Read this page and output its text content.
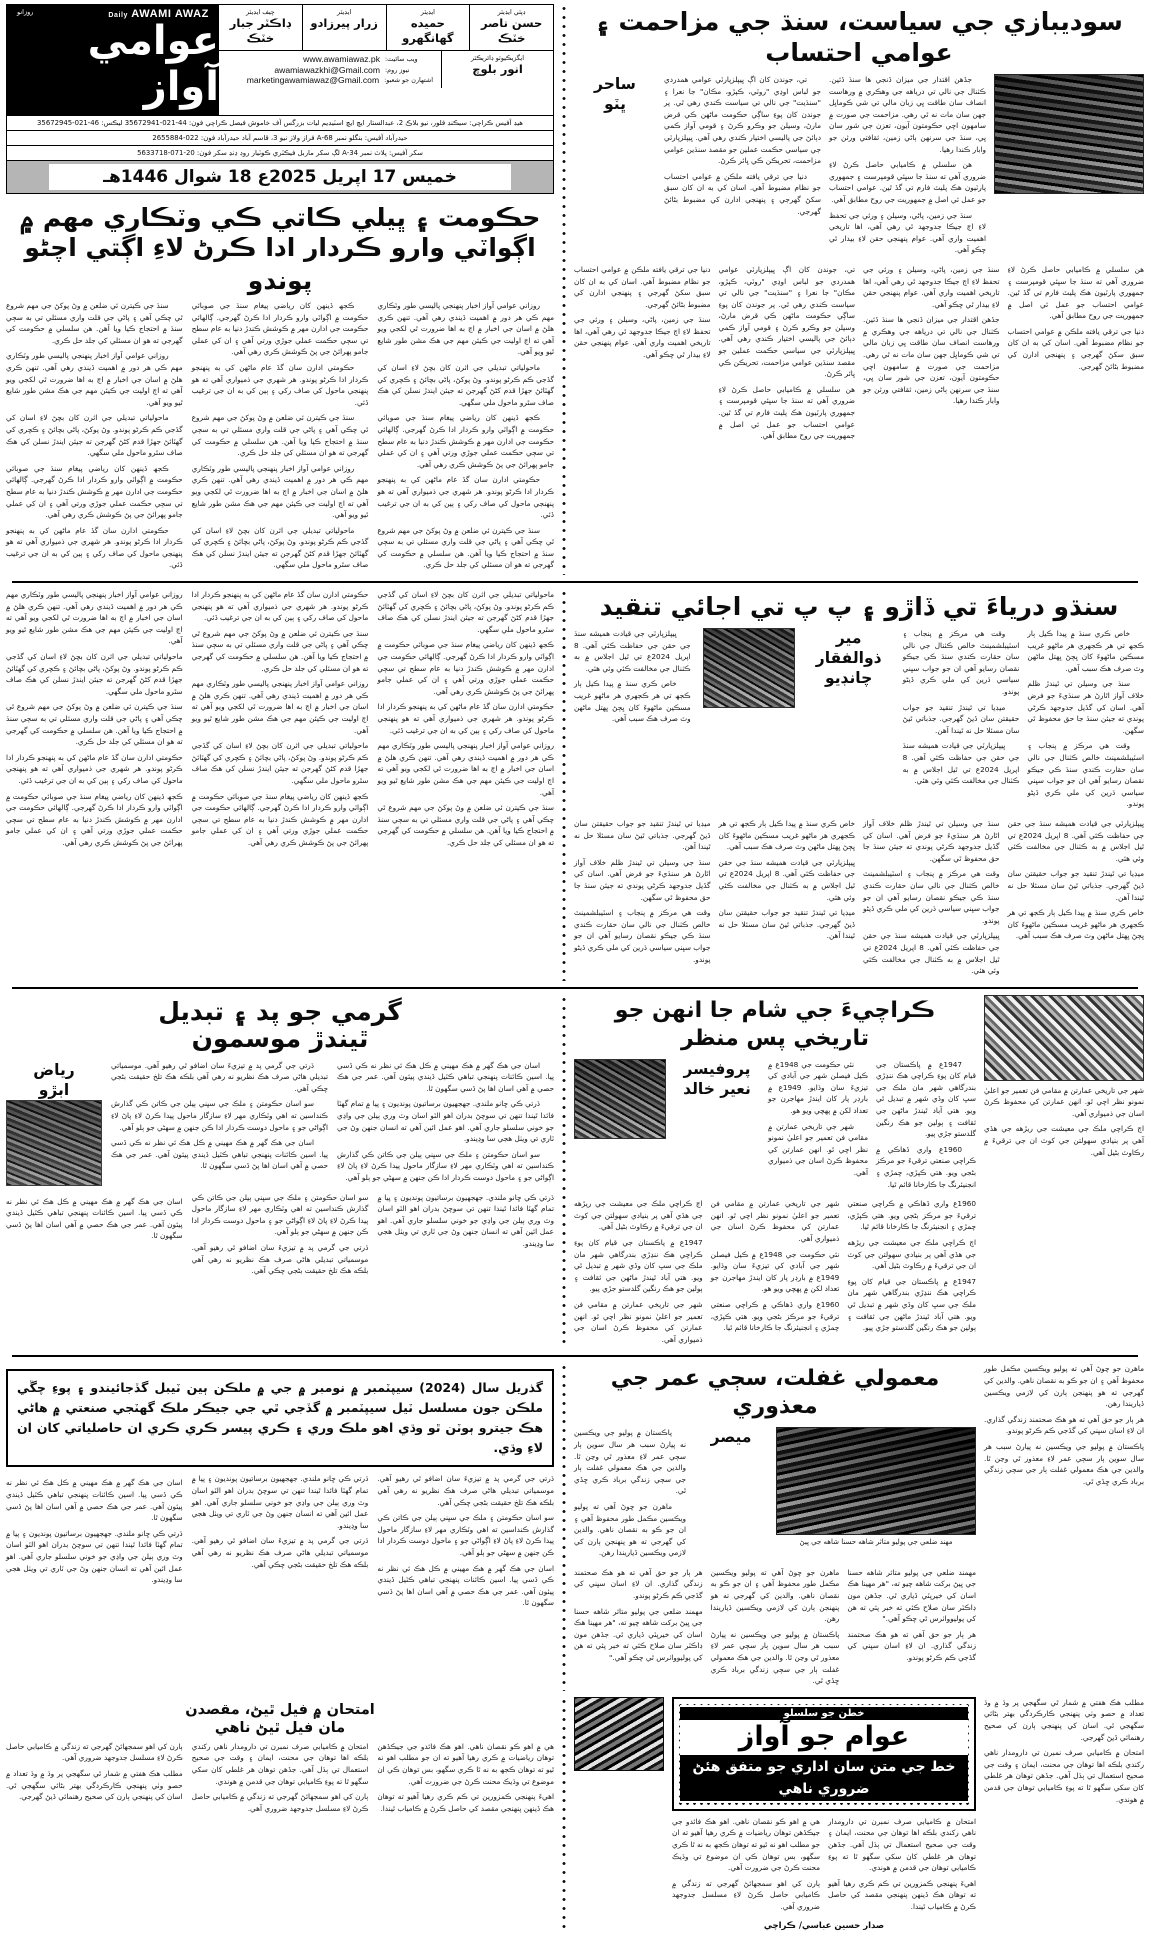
سوديبازي جي سياست، سنڌ جي مزاحمت ۽ عوامي احتساب

جڏهن اقتدار جي ميزان ڏنجي ها سنڌ ڏئين. ڪٺنال جي نالي تي درياهه جي وهڪري ۾ ورهاست انصاف سان طاقت ڀي زبان مالي تي شي ڪوماڀل جھن سان مات نه ٿي رهي. مزاحمت جي صورت ۾ سامھون اچي حڪومتون آيون، تعزن جي شور سان ڀي، سنڌ جي سرنهن ٻاڻي زمين، ثقافتي ورثن جو وابار ڪندا رهيا.

هن سلسلي ۾ ڪاميابي حاصل ڪرڻ لاءِ ضروري آهي ته سنڌ جا سڀئي قومپرست ۽ جمهوري پارٽيون هڪ پليٽ فارم تي گڏ ٿين. عوامي احتساب جو عمل ئي اصل ۾ جمهوريت جي روح مطابق آهي.

سنڌ جي زمين، پاڻي، وسيلن ۽ ورثي جي تحفظ لاءِ اڄ جيڪا جدوجهد ٿي رهي آهي، اها تاريخي اهميت واري آهي. عوام پنهنجي حقن لاءِ بيدار ٿي چڪو آهي.

تي، جوندن کان اڳ ڀيپلزپارٽي عوامي همدردي جو لباس اوڍي "روٽي، ڪپڙو، مڪان" جا نعرا ۽ "سنڌيت" جي نالي تي سياست ڪندي رهي ٿي. پر جوندن کان پوءِ ساڳي حڪومت ماڻهن ڪي قرض مارڻ، وسيلن جو وڪرو ڪرڻ ۽ قومي آواز ڪمي دٻائڻ جي پاليسي اختيار ڪندي رهي آهي. ڀيپلزپارٽي جي سياسي حڪمت عملين جو مقصد سنڌين عوامي مزاحمت، تحريڪن ڪي ڀائر ڪرڻ.

دنيا جي ترقي يافته ملڪن ۾ عوامي احتساب جو نظام مضبوط آهي. اسان کي به ان کان سبق سکڻ گھرجي ۽ پنهنجي ادارن کي مضبوط بڻائڻ گھرجي.

ساحر
ڀٽو

هن سلسلي ۾ ڪاميابي حاصل ڪرڻ لاءِ ضروري آهي ته سنڌ جا سڀئي قومپرست ۽ جمهوري پارٽيون هڪ پليٽ فارم تي گڏ ٿين. عوامي احتساب جو عمل ئي اصل ۾ جمهوريت جي روح مطابق آهي.

دنيا جي ترقي يافته ملڪن ۾ عوامي احتساب جو نظام مضبوط آهي. اسان کي به ان کان سبق سکڻ گھرجي ۽ پنهنجي ادارن کي مضبوط بڻائڻ گھرجي.

سنڌ جي زمين، پاڻي، وسيلن ۽ ورثي جي تحفظ لاءِ اڄ جيڪا جدوجهد ٿي رهي آهي، اها تاريخي اهميت واري آهي. عوام پنهنجي حقن لاءِ بيدار ٿي چڪو آهي.

جڏهن اقتدار جي ميزان ڏنجي ها سنڌ ڏئين. ڪٺنال جي نالي تي درياهه جي وهڪري ۾ ورهاست انصاف سان طاقت ڀي زبان مالي تي شي ڪوماڀل جھن سان مات نه ٿي رهي. مزاحمت جي صورت ۾ سامھون اچي حڪومتون آيون، تعزن جي شور سان ڀي، سنڌ جي سرنهن ٻاڻي زمين، ثقافتي ورثن جو وابار ڪندا رهيا.

تي، جوندن کان اڳ ڀيپلزپارٽي عوامي همدردي جو لباس اوڍي "روٽي، ڪپڙو، مڪان" جا نعرا ۽ "سنڌيت" جي نالي تي سياست ڪندي رهي ٿي. پر جوندن کان پوءِ ساڳي حڪومت ماڻهن ڪي قرض مارڻ، وسيلن جو وڪرو ڪرڻ ۽ قومي آواز ڪمي دٻائڻ جي پاليسي اختيار ڪندي رهي آهي. ڀيپلزپارٽي جي سياسي حڪمت عملين جو مقصد سنڌين عوامي مزاحمت، تحريڪن ڪي ڀائر ڪرڻ.

هن سلسلي ۾ ڪاميابي حاصل ڪرڻ لاءِ ضروري آهي ته سنڌ جا سڀئي قومپرست ۽ جمهوري پارٽيون هڪ پليٽ فارم تي گڏ ٿين. عوامي احتساب جو عمل ئي اصل ۾ جمهوريت جي روح مطابق آهي.

دنيا جي ترقي يافته ملڪن ۾ عوامي احتساب جو نظام مضبوط آهي. اسان کي به ان کان سبق سکڻ گھرجي ۽ پنهنجي ادارن کي مضبوط بڻائڻ گھرجي.

سنڌ جي زمين، پاڻي، وسيلن ۽ ورثي جي تحفظ لاءِ اڄ جيڪا جدوجهد ٿي رهي آهي، اها تاريخي اهميت واري آهي. عوام پنهنجي حقن لاءِ بيدار ٿي چڪو آهي.

ڊپٽي ايڊيٽر
حسن ناصر خٽڪ
ايڊيٽر
حميده گھانگھرو
ايڊيٽر
زرار پيرزادو
چيف ايڊيٽر
ڊاڪٽر جبار خٽڪ
ايگزيڪيوٽو ڊائريڪٽر
انور بلوچ
ويب سائيٽ:
www.awamiawaz.pk
نيوز روم:
awamiawazkhi@Gmail.com
اشتهارن جو شعبو:
marketingawamiawaz@Gmail.com
Daily AWAMI AWAZ
روزانو
عوامي آواز
هيڊ آفيس ڪراچي: سيڪنڊ فلور، نيو بلاڪ 2، عبدالستار ايڇ ايڇ اسٽيڊيم ليات بزرگس آف خاموش فيصل ڪراچي فون: 44-021-35672941 ليڪس: 46-021-35672945
حيدرآباد آفيس: بنگلو نمبر 68-A فراز ولاز نيو 3، قاسم آباد حيدرآباد فون: 022-2655884
سکر آفيس: پلاٽ نمبر 34-A لڳ سکر ماربل فيڪٽري ڪوٽيار روڊ ڍنڍ سکر فون: 20-071-5633718
خميس 17 اپريل 2025ع 18 شوال 1446هـ
حڪومت ۽ ڀيلي ڪاتي ڪي وٽڪاري مهم ۾
اڳواٽي وارو ڪردار ادا ڪرڻ لاءِ اڳتي اچڻو پوندو

روزاني عوامي آواز اخبار پنهنجي پاليسي طور وٽڪاري مهم ڪي هر دور ۾ اهميت ڏيندي رهي آهي. تنهن ڪري هلڻ ۾ اسان جي اخبار ۾ اڄ به اها ضرورت ٿي لکجي ويو آهي ته اڄ اوليت جي ڪيئن مهم جي هڪ مشن طور شايع ٿيو ويو آهي.

ماحولياتي تبديلي جي اثرن کان بچڻ لاءِ اسان کي گڏجي ڪم ڪرڻو پوندو. وڻ پوکڻ، پاڻي بچائڻ ۽ ڪچري کي گھٽائڻ جھڙا قدم کڻڻ گھرجن ته جيئن ايندڙ نسلن کي هڪ صاف سٿرو ماحول ملي سگھي.

ڪجھ ڏينهن کان رياضي پيغام سنڌ جي صوبائي حڪومت ۾ اڳواٽي وارو ڪردار ادا ڪرڻ گھرجي. ڳالھائي حڪومت جي ادارن مهر ۾ ڪوشش ڪندڙ دنيا به عام سطح تي سڄي حڪمت عملي جوڙي ورتي آهي ۽ ان کي عملي جامو پهرائڻ جي پڻ ڪوشش ڪري رهي آهي.

حڪومتي ادارن سان گڏ عام ماڻهن کي به پنهنجو ڪردار ادا ڪرڻو پوندو. هر شهري جي ذميواري آهي ته هو پنهنجي ماحول کي صاف رکي ۽ ٻين کي به ان جي ترغيب ڏئي.

سنڌ جي ڪيترن ئي ضلعن ۾ وڻ پوکڻ جي مهم شروع ٿي چڪي آهي ۽ پاڻي جي قلت واري مسئلي تي به سڄي سنڌ ۾ احتجاج ڪيا ويا آهن. هن سلسلي ۾ حڪومت کي گھرجي ته هو ان مسئلي کي جلد حل ڪري.

ڪجھ ڏينهن کان رياضي پيغام سنڌ جي صوبائي حڪومت ۾ اڳواٽي وارو ڪردار ادا ڪرڻ گھرجي. ڳالھائي حڪومت جي ادارن مهر ۾ ڪوشش ڪندڙ دنيا به عام سطح تي سڄي حڪمت عملي جوڙي ورتي آهي ۽ ان کي عملي جامو پهرائڻ جي پڻ ڪوشش ڪري رهي آهي.

حڪومتي ادارن سان گڏ عام ماڻهن کي به پنهنجو ڪردار ادا ڪرڻو پوندو. هر شهري جي ذميواري آهي ته هو پنهنجي ماحول کي صاف رکي ۽ ٻين کي به ان جي ترغيب ڏئي.

سنڌ جي ڪيترن ئي ضلعن ۾ وڻ پوکڻ جي مهم شروع ٿي چڪي آهي ۽ پاڻي جي قلت واري مسئلي تي به سڄي سنڌ ۾ احتجاج ڪيا ويا آهن. هن سلسلي ۾ حڪومت کي گھرجي ته هو ان مسئلي کي جلد حل ڪري.

روزاني عوامي آواز اخبار پنهنجي پاليسي طور وٽڪاري مهم ڪي هر دور ۾ اهميت ڏيندي رهي آهي. تنهن ڪري هلڻ ۾ اسان جي اخبار ۾ اڄ به اها ضرورت ٿي لکجي ويو آهي ته اڄ اوليت جي ڪيئن مهم جي هڪ مشن طور شايع ٿيو ويو آهي.

ماحولياتي تبديلي جي اثرن کان بچڻ لاءِ اسان کي گڏجي ڪم ڪرڻو پوندو. وڻ پوکڻ، پاڻي بچائڻ ۽ ڪچري کي گھٽائڻ جھڙا قدم کڻڻ گھرجن ته جيئن ايندڙ نسلن کي هڪ صاف سٿرو ماحول ملي سگھي.

سنڌ جي ڪيترن ئي ضلعن ۾ وڻ پوکڻ جي مهم شروع ٿي چڪي آهي ۽ پاڻي جي قلت واري مسئلي تي به سڄي سنڌ ۾ احتجاج ڪيا ويا آهن. هن سلسلي ۾ حڪومت کي گھرجي ته هو ان مسئلي کي جلد حل ڪري.

روزاني عوامي آواز اخبار پنهنجي پاليسي طور وٽڪاري مهم ڪي هر دور ۾ اهميت ڏيندي رهي آهي. تنهن ڪري هلڻ ۾ اسان جي اخبار ۾ اڄ به اها ضرورت ٿي لکجي ويو آهي ته اڄ اوليت جي ڪيئن مهم جي هڪ مشن طور شايع ٿيو ويو آهي.

ماحولياتي تبديلي جي اثرن کان بچڻ لاءِ اسان کي گڏجي ڪم ڪرڻو پوندو. وڻ پوکڻ، پاڻي بچائڻ ۽ ڪچري کي گھٽائڻ جھڙا قدم کڻڻ گھرجن ته جيئن ايندڙ نسلن کي هڪ صاف سٿرو ماحول ملي سگھي.

ڪجھ ڏينهن کان رياضي پيغام سنڌ جي صوبائي حڪومت ۾ اڳواٽي وارو ڪردار ادا ڪرڻ گھرجي. ڳالھائي حڪومت جي ادارن مهر ۾ ڪوشش ڪندڙ دنيا به عام سطح تي سڄي حڪمت عملي جوڙي ورتي آهي ۽ ان کي عملي جامو پهرائڻ جي پڻ ڪوشش ڪري رهي آهي.

حڪومتي ادارن سان گڏ عام ماڻهن کي به پنهنجو ڪردار ادا ڪرڻو پوندو. هر شهري جي ذميواري آهي ته هو پنهنجي ماحول کي صاف رکي ۽ ٻين کي به ان جي ترغيب ڏئي.

سنڌو درياءَ تي ڏاڙو ۽ پ پ تي اجائي تنقيد

خاص ڪري سنڌ ۾ پيدا ڪيل ٻار ڪجھ تي هر ڪجھري هر ماڻهو غريب مسڪين ماڻهوءَ کان ڀڄڻ ڀهتل ماڻهن وٽ صرف هڪ سبب آهي.

سنڌ جي وسيلن تي ٿيندڙ ظلم خلاف آواز اٿارڻ هر سنڌيءَ جو فرض آهي. اسان کي گڏيل جدوجهد ڪرڻي پوندي ته جيئن سنڌ جا حق محفوظ ٿي سگھن.

وقت هي مرڪز ۾ پنجاب ۽ اسٽيبلشمينٽ خالص ڪٺنال جي نالي سان حقارت ڪندي سنڌ ڪي جيڪو نقصان رسايو آهي ان جو جواب سڀني سياسي ڌرين کي ملي ڪري ڏيڻو پوندو.

وقت هي مرڪز ۾ پنجاب ۽ اسٽيبلشمينٽ خالص ڪٺنال جي نالي سان حقارت ڪندي سنڌ ڪي جيڪو نقصان رسايو آهي ان جو جواب سڀني سياسي ڌرين کي ملي ڪري ڏيڻو پوندو.

ميڊيا تي ٿيندڙ تنقيد جو جواب حقيقتن سان ڏيڻ گھرجي. جذباتي ٿيڻ سان مسئلا حل نه ٿيندا آهن.

ڀيپلزپارٽي جي قيادت هميشه سنڌ جي حقن جي حفاظت ڪئي آهي. 8 اپريل 2024ع تي ٿيل اجلاس ۾ به ڪٺنال جي مخالفت ڪئي وئي هئي.

مير ذوالفقار
چانڊيو

ڀيپلزپارٽي جي قيادت هميشه سنڌ جي حقن جي حفاظت ڪئي آهي. 8 اپريل 2024ع تي ٿيل اجلاس ۾ به ڪٺنال جي مخالفت ڪئي وئي هئي.

خاص ڪري سنڌ ۾ پيدا ڪيل ٻار ڪجھ تي هر ڪجھري هر ماڻهو غريب مسڪين ماڻهوءَ کان ڀڄڻ ڀهتل ماڻهن وٽ صرف هڪ سبب آهي.

ڀيپلزپارٽي جي قيادت هميشه سنڌ جي حقن جي حفاظت ڪئي آهي. 8 اپريل 2024ع تي ٿيل اجلاس ۾ به ڪٺنال جي مخالفت ڪئي وئي هئي.

ميڊيا تي ٿيندڙ تنقيد جو جواب حقيقتن سان ڏيڻ گھرجي. جذباتي ٿيڻ سان مسئلا حل نه ٿيندا آهن.

خاص ڪري سنڌ ۾ پيدا ڪيل ٻار ڪجھ تي هر ڪجھري هر ماڻهو غريب مسڪين ماڻهوءَ کان ڀڄڻ ڀهتل ماڻهن وٽ صرف هڪ سبب آهي.

سنڌ جي وسيلن تي ٿيندڙ ظلم خلاف آواز اٿارڻ هر سنڌيءَ جو فرض آهي. اسان کي گڏيل جدوجهد ڪرڻي پوندي ته جيئن سنڌ جا حق محفوظ ٿي سگھن.

وقت هي مرڪز ۾ پنجاب ۽ اسٽيبلشمينٽ خالص ڪٺنال جي نالي سان حقارت ڪندي سنڌ ڪي جيڪو نقصان رسايو آهي ان جو جواب سڀني سياسي ڌرين کي ملي ڪري ڏيڻو پوندو.

ڀيپلزپارٽي جي قيادت هميشه سنڌ جي حقن جي حفاظت ڪئي آهي. 8 اپريل 2024ع تي ٿيل اجلاس ۾ به ڪٺنال جي مخالفت ڪئي وئي هئي.

خاص ڪري سنڌ ۾ پيدا ڪيل ٻار ڪجھ تي هر ڪجھري هر ماڻهو غريب مسڪين ماڻهوءَ کان ڀڄڻ ڀهتل ماڻهن وٽ صرف هڪ سبب آهي.

ڀيپلزپارٽي جي قيادت هميشه سنڌ جي حقن جي حفاظت ڪئي آهي. 8 اپريل 2024ع تي ٿيل اجلاس ۾ به ڪٺنال جي مخالفت ڪئي وئي هئي.

ميڊيا تي ٿيندڙ تنقيد جو جواب حقيقتن سان ڏيڻ گھرجي. جذباتي ٿيڻ سان مسئلا حل نه ٿيندا آهن.

ميڊيا تي ٿيندڙ تنقيد جو جواب حقيقتن سان ڏيڻ گھرجي. جذباتي ٿيڻ سان مسئلا حل نه ٿيندا آهن.

سنڌ جي وسيلن تي ٿيندڙ ظلم خلاف آواز اٿارڻ هر سنڌيءَ جو فرض آهي. اسان کي گڏيل جدوجهد ڪرڻي پوندي ته جيئن سنڌ جا حق محفوظ ٿي سگھن.

وقت هي مرڪز ۾ پنجاب ۽ اسٽيبلشمينٽ خالص ڪٺنال جي نالي سان حقارت ڪندي سنڌ ڪي جيڪو نقصان رسايو آهي ان جو جواب سڀني سياسي ڌرين کي ملي ڪري ڏيڻو پوندو.

ماحولياتي تبديلي جي اثرن کان بچڻ لاءِ اسان کي گڏجي ڪم ڪرڻو پوندو. وڻ پوکڻ، پاڻي بچائڻ ۽ ڪچري کي گھٽائڻ جھڙا قدم کڻڻ گھرجن ته جيئن ايندڙ نسلن کي هڪ صاف سٿرو ماحول ملي سگھي.

ڪجھ ڏينهن کان رياضي پيغام سنڌ جي صوبائي حڪومت ۾ اڳواٽي وارو ڪردار ادا ڪرڻ گھرجي. ڳالھائي حڪومت جي ادارن مهر ۾ ڪوشش ڪندڙ دنيا به عام سطح تي سڄي حڪمت عملي جوڙي ورتي آهي ۽ ان کي عملي جامو پهرائڻ جي پڻ ڪوشش ڪري رهي آهي.

حڪومتي ادارن سان گڏ عام ماڻهن کي به پنهنجو ڪردار ادا ڪرڻو پوندو. هر شهري جي ذميواري آهي ته هو پنهنجي ماحول کي صاف رکي ۽ ٻين کي به ان جي ترغيب ڏئي.

روزاني عوامي آواز اخبار پنهنجي پاليسي طور وٽڪاري مهم ڪي هر دور ۾ اهميت ڏيندي رهي آهي. تنهن ڪري هلڻ ۾ اسان جي اخبار ۾ اڄ به اها ضرورت ٿي لکجي ويو آهي ته اڄ اوليت جي ڪيئن مهم جي هڪ مشن طور شايع ٿيو ويو آهي.

سنڌ جي ڪيترن ئي ضلعن ۾ وڻ پوکڻ جي مهم شروع ٿي چڪي آهي ۽ پاڻي جي قلت واري مسئلي تي به سڄي سنڌ ۾ احتجاج ڪيا ويا آهن. هن سلسلي ۾ حڪومت کي گھرجي ته هو ان مسئلي کي جلد حل ڪري.

حڪومتي ادارن سان گڏ عام ماڻهن کي به پنهنجو ڪردار ادا ڪرڻو پوندو. هر شهري جي ذميواري آهي ته هو پنهنجي ماحول کي صاف رکي ۽ ٻين کي به ان جي ترغيب ڏئي.

سنڌ جي ڪيترن ئي ضلعن ۾ وڻ پوکڻ جي مهم شروع ٿي چڪي آهي ۽ پاڻي جي قلت واري مسئلي تي به سڄي سنڌ ۾ احتجاج ڪيا ويا آهن. هن سلسلي ۾ حڪومت کي گھرجي ته هو ان مسئلي کي جلد حل ڪري.

روزاني عوامي آواز اخبار پنهنجي پاليسي طور وٽڪاري مهم ڪي هر دور ۾ اهميت ڏيندي رهي آهي. تنهن ڪري هلڻ ۾ اسان جي اخبار ۾ اڄ به اها ضرورت ٿي لکجي ويو آهي ته اڄ اوليت جي ڪيئن مهم جي هڪ مشن طور شايع ٿيو ويو آهي.

ماحولياتي تبديلي جي اثرن کان بچڻ لاءِ اسان کي گڏجي ڪم ڪرڻو پوندو. وڻ پوکڻ، پاڻي بچائڻ ۽ ڪچري کي گھٽائڻ جھڙا قدم کڻڻ گھرجن ته جيئن ايندڙ نسلن کي هڪ صاف سٿرو ماحول ملي سگھي.

ڪجھ ڏينهن کان رياضي پيغام سنڌ جي صوبائي حڪومت ۾ اڳواٽي وارو ڪردار ادا ڪرڻ گھرجي. ڳالھائي حڪومت جي ادارن مهر ۾ ڪوشش ڪندڙ دنيا به عام سطح تي سڄي حڪمت عملي جوڙي ورتي آهي ۽ ان کي عملي جامو پهرائڻ جي پڻ ڪوشش ڪري رهي آهي.

روزاني عوامي آواز اخبار پنهنجي پاليسي طور وٽڪاري مهم ڪي هر دور ۾ اهميت ڏيندي رهي آهي. تنهن ڪري هلڻ ۾ اسان جي اخبار ۾ اڄ به اها ضرورت ٿي لکجي ويو آهي ته اڄ اوليت جي ڪيئن مهم جي هڪ مشن طور شايع ٿيو ويو آهي.

ماحولياتي تبديلي جي اثرن کان بچڻ لاءِ اسان کي گڏجي ڪم ڪرڻو پوندو. وڻ پوکڻ، پاڻي بچائڻ ۽ ڪچري کي گھٽائڻ جھڙا قدم کڻڻ گھرجن ته جيئن ايندڙ نسلن کي هڪ صاف سٿرو ماحول ملي سگھي.

سنڌ جي ڪيترن ئي ضلعن ۾ وڻ پوکڻ جي مهم شروع ٿي چڪي آهي ۽ پاڻي جي قلت واري مسئلي تي به سڄي سنڌ ۾ احتجاج ڪيا ويا آهن. هن سلسلي ۾ حڪومت کي گھرجي ته هو ان مسئلي کي جلد حل ڪري.

حڪومتي ادارن سان گڏ عام ماڻهن کي به پنهنجو ڪردار ادا ڪرڻو پوندو. هر شهري جي ذميواري آهي ته هو پنهنجي ماحول کي صاف رکي ۽ ٻين کي به ان جي ترغيب ڏئي.

ڪجھ ڏينهن کان رياضي پيغام سنڌ جي صوبائي حڪومت ۾ اڳواٽي وارو ڪردار ادا ڪرڻ گھرجي. ڳالھائي حڪومت جي ادارن مهر ۾ ڪوشش ڪندڙ دنيا به عام سطح تي سڄي حڪمت عملي جوڙي ورتي آهي ۽ ان کي عملي جامو پهرائڻ جي پڻ ڪوشش ڪري رهي آهي.

شهر جي تاريخي عمارتن ۾ مقامي فن تعمير جو اعليٰ نمونو نظر اچي ٿو. انهن عمارتن کي محفوظ ڪرڻ اسان جي ذميواري آهي.

اڄ ڪراچي ملڪ جي معيشت جي ريڙهه جي هڏي آهي پر بنيادي سهولتن جي کوٽ ان جي ترقيءَ ۾ رڪاوٽ بڻيل آهي.

ڪراچيءَ جي شام جا انهن جو تاريخي پس منظر

1947ع ۾ پاڪستان جي قيام کان پوءِ ڪراچي هڪ ننڍڙي بندرگاهي شهر مان ملڪ جي سڀ کان وڏي شهر ۾ تبديل ٿي ويو. هتي آباد ٿيندڙ ماڻهن جي ثقافت ۽ ٻولين جو هڪ رنگين گلدستو جڙي پيو.

1960ع واري ڏهاڪي ۾ ڪراچي صنعتي ترقيءَ جو مرڪز بڻجي ويو. هتي ڪپڙي، چمڙي ۽ انجنيئرنگ جا ڪارخانا قائم ٿيا.

نئي حڪومت جي 1948ع ۾ ڪيل فيصلن شهر جي آبادي کي تيزيءَ سان وڌايو. 1949ع ۾ بارڊر پار کان ايندڙ مهاجرن جو تعداد لکن ۾ پهچي ويو هو.

شهر جي تاريخي عمارتن ۾ مقامي فن تعمير جو اعليٰ نمونو نظر اچي ٿو. انهن عمارتن کي محفوظ ڪرڻ اسان جي ذميواري آهي.

پروفيسر
نعير خالد

1960ع واري ڏهاڪي ۾ ڪراچي صنعتي ترقيءَ جو مرڪز بڻجي ويو. هتي ڪپڙي، چمڙي ۽ انجنيئرنگ جا ڪارخانا قائم ٿيا.

اڄ ڪراچي ملڪ جي معيشت جي ريڙهه جي هڏي آهي پر بنيادي سهولتن جي کوٽ ان جي ترقيءَ ۾ رڪاوٽ بڻيل آهي.

1947ع ۾ پاڪستان جي قيام کان پوءِ ڪراچي هڪ ننڍڙي بندرگاهي شهر مان ملڪ جي سڀ کان وڏي شهر ۾ تبديل ٿي ويو. هتي آباد ٿيندڙ ماڻهن جي ثقافت ۽ ٻولين جو هڪ رنگين گلدستو جڙي پيو.

شهر جي تاريخي عمارتن ۾ مقامي فن تعمير جو اعليٰ نمونو نظر اچي ٿو. انهن عمارتن کي محفوظ ڪرڻ اسان جي ذميواري آهي.

نئي حڪومت جي 1948ع ۾ ڪيل فيصلن شهر جي آبادي کي تيزيءَ سان وڌايو. 1949ع ۾ بارڊر پار کان ايندڙ مهاجرن جو تعداد لکن ۾ پهچي ويو هو.

1960ع واري ڏهاڪي ۾ ڪراچي صنعتي ترقيءَ جو مرڪز بڻجي ويو. هتي ڪپڙي، چمڙي ۽ انجنيئرنگ جا ڪارخانا قائم ٿيا.

اڄ ڪراچي ملڪ جي معيشت جي ريڙهه جي هڏي آهي پر بنيادي سهولتن جي کوٽ ان جي ترقيءَ ۾ رڪاوٽ بڻيل آهي.

1947ع ۾ پاڪستان جي قيام کان پوءِ ڪراچي هڪ ننڍڙي بندرگاهي شهر مان ملڪ جي سڀ کان وڏي شهر ۾ تبديل ٿي ويو. هتي آباد ٿيندڙ ماڻهن جي ثقافت ۽ ٻولين جو هڪ رنگين گلدستو جڙي پيو.

شهر جي تاريخي عمارتن ۾ مقامي فن تعمير جو اعليٰ نمونو نظر اچي ٿو. انهن عمارتن کي محفوظ ڪرڻ اسان جي ذميواري آهي.

گرمي جو پد ۽ تبديل
ٿيندڙ موسمون

اسان جي هڪ گھر ۾ هڪ مهيني ۾ ڪل هڪ ئي نظر نه ڪي ڏسي پيا. اسين ڪائنات پنهنجي تباهي ڪٽيل ڏيندي پيئون آهي. عمر جي هڪ حصي ۾ آهي اسان اها پڻ ڏسي سگھون ٿا.

ڌرتي ڪي ڇانو ملندي. جھجھيون برساتيون پونديون ۽ پيا ۾ تمام گھٽا فائدا ٿيندا تنهن تي سوچڻ بدران اهو الٽو اسان وٽ وري ٻيلن جي واڍي جو خوني سلسلو جاري آهي. اهو عمل ائين آهي ته انسان جنهن وڻ جي ٽاري تي ويٺل هجي سا وڍيندو.

سو اسان حڪومتن ۽ ملڪ جي سڀني ٻيلن جي ڪاتن ڪي گذارش ڪنداسين ته اهي وٽڪاري مهر لاءِ سازگار ماحول پيدا ڪرڻ لاءِ پاڻ لاءِ اڳواڻي جو ۽ ماحول دوست ڪردار ادا ڪن جنهن ۾ سهڻي جو ٻلو آهي.

ڌرتي جي گرمي پد ۾ تيزيءَ سان اضافو ٿي رهيو آهي. موسمياتي تبديلي هاڻي صرف هڪ نظريو نه رهي آهي بلڪه هڪ تلخ حقيقت بڻجي چڪي آهي.

سو اسان حڪومتن ۽ ملڪ جي سڀني ٻيلن جي ڪاتن ڪي گذارش ڪنداسين ته اهي وٽڪاري مهر لاءِ سازگار ماحول پيدا ڪرڻ لاءِ پاڻ لاءِ اڳواڻي جو ۽ ماحول دوست ڪردار ادا ڪن جنهن ۾ سهڻي جو ٻلو آهي.

اسان جي هڪ گھر ۾ هڪ مهيني ۾ ڪل هڪ ئي نظر نه ڪي ڏسي پيا. اسين ڪائنات پنهنجي تباهي ڪٽيل ڏيندي پيئون آهي. عمر جي هڪ حصي ۾ آهي اسان اها پڻ ڏسي سگھون ٿا.

رياض
ابڙو

ڌرتي ڪي ڇانو ملندي. جھجھيون برساتيون پونديون ۽ پيا ۾ تمام گھٽا فائدا ٿيندا تنهن تي سوچڻ بدران اهو الٽو اسان وٽ وري ٻيلن جي واڍي جو خوني سلسلو جاري آهي. اهو عمل ائين آهي ته انسان جنهن وڻ جي ٽاري تي ويٺل هجي سا وڍيندو.

سو اسان حڪومتن ۽ ملڪ جي سڀني ٻيلن جي ڪاتن ڪي گذارش ڪنداسين ته اهي وٽڪاري مهر لاءِ سازگار ماحول پيدا ڪرڻ لاءِ پاڻ لاءِ اڳواڻي جو ۽ ماحول دوست ڪردار ادا ڪن جنهن ۾ سهڻي جو ٻلو آهي.

ڌرتي جي گرمي پد ۾ تيزيءَ سان اضافو ٿي رهيو آهي. موسمياتي تبديلي هاڻي صرف هڪ نظريو نه رهي آهي بلڪه هڪ تلخ حقيقت بڻجي چڪي آهي.

اسان جي هڪ گھر ۾ هڪ مهيني ۾ ڪل هڪ ئي نظر نه ڪي ڏسي پيا. اسين ڪائنات پنهنجي تباهي ڪٽيل ڏيندي پيئون آهي. عمر جي هڪ حصي ۾ آهي اسان اها پڻ ڏسي سگھون ٿا.

ماهرن جو چوڻ آهي ته پوليو ويڪسين مڪمل طور محفوظ آهي ۽ ان جو ڪو به نقصان ناهي. والدين کي گھرجي ته هو پنهنجن ٻارن کي لازمي ويڪسين ڏياريندا رهن.

هر ٻار جو حق آهي ته هو هڪ صحتمند زندگي گذاري. ان لاءِ اسان سڀني کي گڏجي ڪم ڪرڻو پوندو.

پاڪستان ۾ پوليو جي ويڪسين نه پيارڻ سبب هر سال سوين ٻار سڄي عمر لاءِ معذور ٿي وڃن ٿا. والدين جي هڪ معمولي غفلت ٻار جي سڄي زندگي برباد ڪري ڇڏي ٿي.

معمولي غفلت، سڄي عمر جي معذوري
مهند ضلعي جي پوليو متاثر شاهه حسنا شاهه جي ڀيڻ
ميصر

پاڪستان ۾ پوليو جي ويڪسين نه پيارڻ سبب هر سال سوين ٻار سڄي عمر لاءِ معذور ٿي وڃن ٿا. والدين جي هڪ معمولي غفلت ٻار جي سڄي زندگي برباد ڪري ڇڏي ٿي.

ماهرن جو چوڻ آهي ته پوليو ويڪسين مڪمل طور محفوظ آهي ۽ ان جو ڪو به نقصان ناهي. والدين کي گھرجي ته هو پنهنجن ٻارن کي لازمي ويڪسين ڏياريندا رهن.

مهمند ضلعي جي پوليو متاثر شاهه حسنا جي ڀيڻ بركت شاهه چيو ته، "هر مهينا هڪ اسان کي خيرپٽي ڏياري ٿي. جڏهن مون ڊاڪٽر سان صلاح ڪئي ته خبر پئي ته هن کي پوليوواٺرس ٿي چڪو آهي."

هر ٻار جو حق آهي ته هو هڪ صحتمند زندگي گذاري. ان لاءِ اسان سڀني کي گڏجي ڪم ڪرڻو پوندو.

ماهرن جو چوڻ آهي ته پوليو ويڪسين مڪمل طور محفوظ آهي ۽ ان جو ڪو به نقصان ناهي. والدين کي گھرجي ته هو پنهنجن ٻارن کي لازمي ويڪسين ڏياريندا رهن.

پاڪستان ۾ پوليو جي ويڪسين نه پيارڻ سبب هر سال سوين ٻار سڄي عمر لاءِ معذور ٿي وڃن ٿا. والدين جي هڪ معمولي غفلت ٻار جي سڄي زندگي برباد ڪري ڇڏي ٿي.

هر ٻار جو حق آهي ته هو هڪ صحتمند زندگي گذاري. ان لاءِ اسان سڀني کي گڏجي ڪم ڪرڻو پوندو.

مهمند ضلعي جي پوليو متاثر شاهه حسنا جي ڀيڻ بركت شاهه چيو ته، "هر مهينا هڪ اسان کي خيرپٽي ڏياري ٿي. جڏهن مون ڊاڪٽر سان صلاح ڪئي ته خبر پئي ته هن کي پوليوواٺرس ٿي چڪو آهي."

گذريل سال (2024) سيپٽمبر ۾ نومبر ۾ جي ۾ ملڪن ٻين ٽيبل گڏجائيندو ۽ پوءِ چڱي ملڪن جون مسلسل ٽيل سيپٽمبر ۾ گڏجي ٿي جي جيڪر ملڪ گھٽجي صنعتي ۾ هاڻي هڪ جيترو ٻوٽن ٿو وڌي اهو ملڪ وري ۽ ڪري پيسر ڪري ڪري ان حاصلياتي کان ان لاءِ وڌي.

ڌرتي جي گرمي پد ۾ تيزيءَ سان اضافو ٿي رهيو آهي. موسمياتي تبديلي هاڻي صرف هڪ نظريو نه رهي آهي بلڪه هڪ تلخ حقيقت بڻجي چڪي آهي.

سو اسان حڪومتن ۽ ملڪ جي سڀني ٻيلن جي ڪاتن ڪي گذارش ڪنداسين ته اهي وٽڪاري مهر لاءِ سازگار ماحول پيدا ڪرڻ لاءِ پاڻ لاءِ اڳواڻي جو ۽ ماحول دوست ڪردار ادا ڪن جنهن ۾ سهڻي جو ٻلو آهي.

اسان جي هڪ گھر ۾ هڪ مهيني ۾ ڪل هڪ ئي نظر نه ڪي ڏسي پيا. اسين ڪائنات پنهنجي تباهي ڪٽيل ڏيندي پيئون آهي. عمر جي هڪ حصي ۾ آهي اسان اها پڻ ڏسي سگھون ٿا.

ڌرتي ڪي ڇانو ملندي. جھجھيون برساتيون پونديون ۽ پيا ۾ تمام گھٽا فائدا ٿيندا تنهن تي سوچڻ بدران اهو الٽو اسان وٽ وري ٻيلن جي واڍي جو خوني سلسلو جاري آهي. اهو عمل ائين آهي ته انسان جنهن وڻ جي ٽاري تي ويٺل هجي سا وڍيندو.

ڌرتي جي گرمي پد ۾ تيزيءَ سان اضافو ٿي رهيو آهي. موسمياتي تبديلي هاڻي صرف هڪ نظريو نه رهي آهي بلڪه هڪ تلخ حقيقت بڻجي چڪي آهي.

اسان جي هڪ گھر ۾ هڪ مهيني ۾ ڪل هڪ ئي نظر نه ڪي ڏسي پيا. اسين ڪائنات پنهنجي تباهي ڪٽيل ڏيندي پيئون آهي. عمر جي هڪ حصي ۾ آهي اسان اها پڻ ڏسي سگھون ٿا.

ڌرتي ڪي ڇانو ملندي. جھجھيون برساتيون پونديون ۽ پيا ۾ تمام گھٽا فائدا ٿيندا تنهن تي سوچڻ بدران اهو الٽو اسان وٽ وري ٻيلن جي واڍي جو خوني سلسلو جاري آهي. اهو عمل ائين آهي ته انسان جنهن وڻ جي ٽاري تي ويٺل هجي سا وڍيندو.

مطلب هڪ هفتي ۾ شمار ٿي سگھجي پر وڌ ۾ وڌ تعداد ۾ حصو وٺي پنهنجي ڪارڪردگي بهتر بڻائي سگھجي ٿي. اسان کي پنهنجي ٻارن کي صحيح رهنمائي ڏيڻ گھرجي.

امتحان ۾ ڪاميابي صرف نمبرن تي دارومدار ناهي رکندي بلڪه اها توهان جي محنت، ايمان ۽ وقت جي صحيح استعمال تي ٻڌل آهي. جڏهن توهان هر غلطي کان سکي سگھو ٿا ته پوءِ ڪاميابي توهان جي قدمن ۾ هوندي.

خطن جو سلسلو
عوام جو آواز
خط جي متن سان اداري جو متفق هئڻ ضروري ناهي

امتحان ۾ ڪاميابي صرف نمبرن تي دارومدار ناهي رکندي بلڪه اها توهان جي محنت، ايمان ۽ وقت جي صحيح استعمال تي ٻڌل آهي. جڏهن توهان هر غلطي کان سکي سگھو ٿا ته پوءِ ڪاميابي توهان جي قدمن ۾ هوندي.

اهيءَ پنهنجي ڪمزورين تي ڪم ڪري رهيا آهيو ته توهان هڪ ڏينهن پنهنجي مقصد کي حاصل ڪرڻ ۾ ڪامياب ٿيندا.

هي ۾ اهو ڪو نقصان ناهي. اهو هڪ فائدو جي جيڪڏهن توهان رياضيات ۾ ڪري رهيا آهيو ته ان جو مطلب اهو نه ٿيو ته توهان ڪجھ به نه ٿا ڪري سگھو، بس توهان ڪي ان موضوع تي وڌيڪ محنت ڪرڻ جي ضرورت آهي.

ٻارن کي اهو سمجھائڻ گھرجي ته زندگي ۾ ڪاميابي حاصل ڪرڻ لاءِ مسلسل جدوجهد ضروري آهي.

صدار حسين عباسي/ ڪراچي
امتحان ۾ فيل ٿيڻ، مقصدن
مان فيل ٿيڻ ناهي

هي ۾ اهو ڪو نقصان ناهي. اهو هڪ فائدو جي جيڪڏهن توهان رياضيات ۾ ڪري رهيا آهيو ته ان جو مطلب اهو نه ٿيو ته توهان ڪجھ به نه ٿا ڪري سگھو، بس توهان ڪي ان موضوع تي وڌيڪ محنت ڪرڻ جي ضرورت آهي.

اهيءَ پنهنجي ڪمزورين تي ڪم ڪري رهيا آهيو ته توهان هڪ ڏينهن پنهنجي مقصد کي حاصل ڪرڻ ۾ ڪامياب ٿيندا.

امتحان ۾ ڪاميابي صرف نمبرن تي دارومدار ناهي رکندي بلڪه اها توهان جي محنت، ايمان ۽ وقت جي صحيح استعمال تي ٻڌل آهي. جڏهن توهان هر غلطي کان سکي سگھو ٿا ته پوءِ ڪاميابي توهان جي قدمن ۾ هوندي.

ٻارن کي اهو سمجھائڻ گھرجي ته زندگي ۾ ڪاميابي حاصل ڪرڻ لاءِ مسلسل جدوجهد ضروري آهي.

ٻارن کي اهو سمجھائڻ گھرجي ته زندگي ۾ ڪاميابي حاصل ڪرڻ لاءِ مسلسل جدوجهد ضروري آهي.

مطلب هڪ هفتي ۾ شمار ٿي سگھجي پر وڌ ۾ وڌ تعداد ۾ حصو وٺي پنهنجي ڪارڪردگي بهتر بڻائي سگھجي ٿي. اسان کي پنهنجي ٻارن کي صحيح رهنمائي ڏيڻ گھرجي.
